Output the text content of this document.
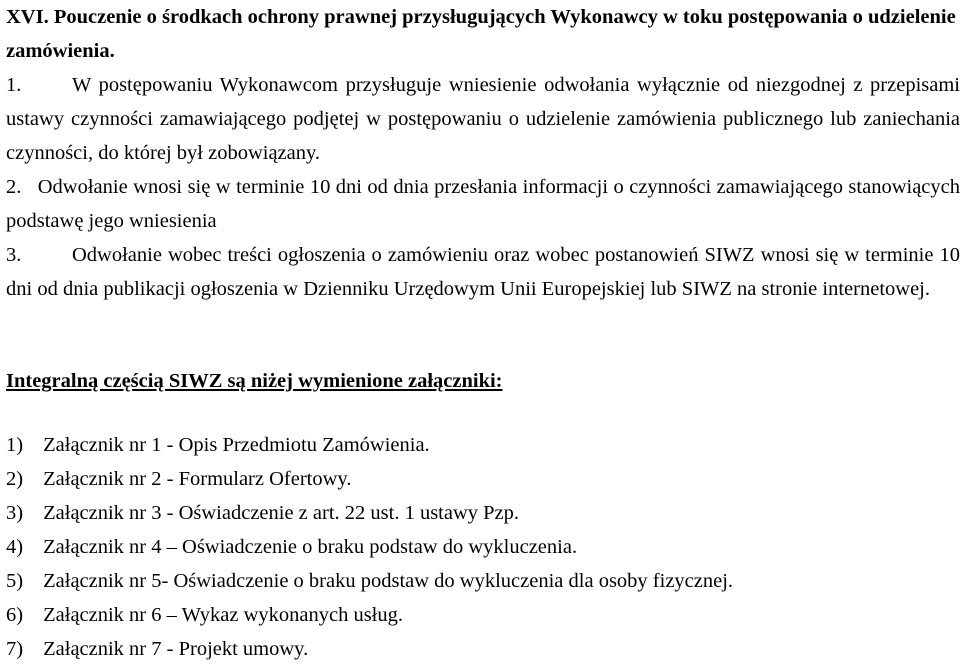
XVI. Pouczenie o środkach ochrony prawnej przysługujących Wykonawcy w toku postępowania o udzielenie zamówienia.

1. W postępowaniu Wykonawcom przysługuje wniesienie odwołania wyłącznie od niezgodnej z przepisami ustawy czynności zamawiającego podjętej w postępowaniu o udzielenie zamówienia publicznego lub zaniechania czynności, do której był zobowiązany.

2. Odwołanie wnosi się w terminie 10 dni od dnia przesłania informacji o czynności zamawiającego stanowiących podstawę jego wniesienia

3. Odwołanie wobec treści ogłoszenia o zamówieniu oraz wobec postanowień SIWZ wnosi się w terminie 10 dni od dnia publikacji ogłoszenia w Dzienniku Urzędowym Unii Europejskiej lub SIWZ na stronie internetowej.

Integralną częścią SIWZ są niżej wymienione załączniki:

1) Załącznik nr 1 - Opis Przedmiotu Zamówienia.
2) Załącznik nr 2 - Formularz Ofertowy.
3) Załącznik nr 3 - Oświadczenie z art. 22 ust. 1 ustawy Pzp.
4) Załącznik nr 4 – Oświadczenie o braku podstaw do wykluczenia.
5) Załącznik nr 5- Oświadczenie o braku podstaw do wykluczenia dla osoby fizycznej.
6) Załącznik nr 6 – Wykaz wykonanych usług.
7) Załącznik nr 7 - Projekt umowy.
